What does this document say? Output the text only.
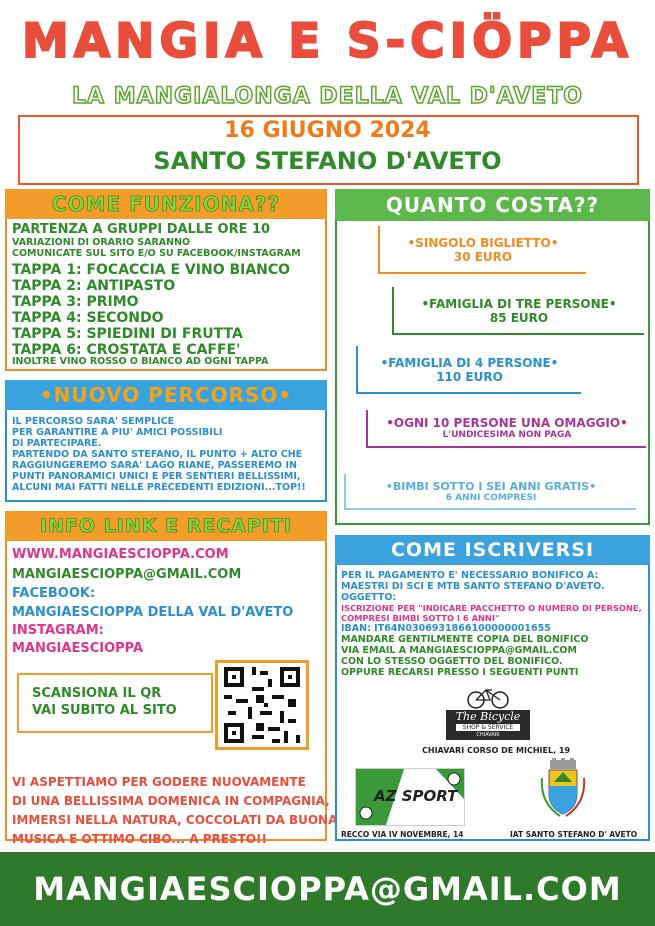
MANGIA E S-CIÖPPA
LA MANGIALONGA DELLA VAL D'AVETO
16 GIUGNO 2024
SANTO STEFANO D'AVETO
COME FUNZIONA??
PARTENZA A GRUPPI DALLE ORE 10
VARIAZIONI DI ORARIO SARANNO
COMUNICATE SUL SITO E/O SU FACEBOOK/INSTAGRAM
TAPPA 1: FOCACCIA E VINO BIANCO
TAPPA 2: ANTIPASTO
TAPPA 3: PRIMO
TAPPA 4: SECONDO
TAPPA 5: SPIEDINI DI FRUTTA
TAPPA 6: CROSTATA E CAFFE'
INOLTRE VINO ROSSO O BIANCO AD OGNI TAPPA
•NUOVO PERCORSO•
IL PERCORSO SARA' SEMPLICE
PER GARANTIRE A PIU' AMICI POSSIBILI
DI PARTECIPARE.
PARTENDO DA SANTO STEFANO, IL PUNTO + ALTO CHE
RAGGIUNGEREMO SARA' LAGO RIANE, PASSEREMO IN
PUNTI PANORAMICI UNICI E PER SENTIERI BELLISSIMI,
ALCUNI MAI FATTI NELLE PRECEDENTI EDIZIONI...TOP!!
INFO LINK E RECAPITI
WWW.MANGIAESCIOPPA.COM
MANGIAESCIOPPA@GMAIL.COM
FACEBOOK:
MANGIAESCIOPPA DELLA VAL D'AVETO
INSTAGRAM:
MANGIAESCIOPPA
SCANSIONA IL QR
VAI SUBITO AL SITO
VI ASPETTIAMO PER GODERE NUOVAMENTE
DI UNA BELLISSIMA DOMENICA IN COMPAGNIA,
IMMERSI NELLA NATURA, COCCOLATI DA BUONA
MUSICA E OTTIMO CIBO... A PRESTO!!
QUANTO COSTA??
•SINGOLO BIGLIETTO•
30 EURO
•FAMIGLIA DI TRE PERSONE•
85 EURO
•FAMIGLIA DI 4 PERSONE•
110 EURO
•OGNI 10 PERSONE UNA OMAGGIO•
L'UNDICESIMA NON PAGA
•BIMBI SOTTO I SEI ANNI GRATIS•
6 ANNI COMPRESI
COME ISCRIVERSI
PER IL PAGAMENTO E' NECESSARIO BONIFICO A:
MAESTRI DI SCI E MTB SANTO STEFANO D'AVETO.
OGGETTO:
ISCRIZIONE PER "INDICARE PACCHETTO O NUMERO DI PERSONE,
COMPRESI BIMBI SOTTO I 6 ANNI"
IBAN: IT64N0306931866100000001655
MANDARE GENTILMENTE COPIA DEL BONIFICO
VIA EMAIL A MANGIAESCIOPPA@GMAIL.COM
CON LO STESSO OGGETTO DEL BONIFICO.
OPPURE RECARSI PRESSO I SEGUENTI PUNTI
The Bicycle
SHOP & SERVICE
CHIAVARI
CHIAVARI CORSO DE MICHIEL, 19
AZ SPORT
RECCO VIA IV NOVEMBRE, 14	IAT SANTO STEFANO D' AVETO
MANGIAESCIOPPA@GMAIL.COM
